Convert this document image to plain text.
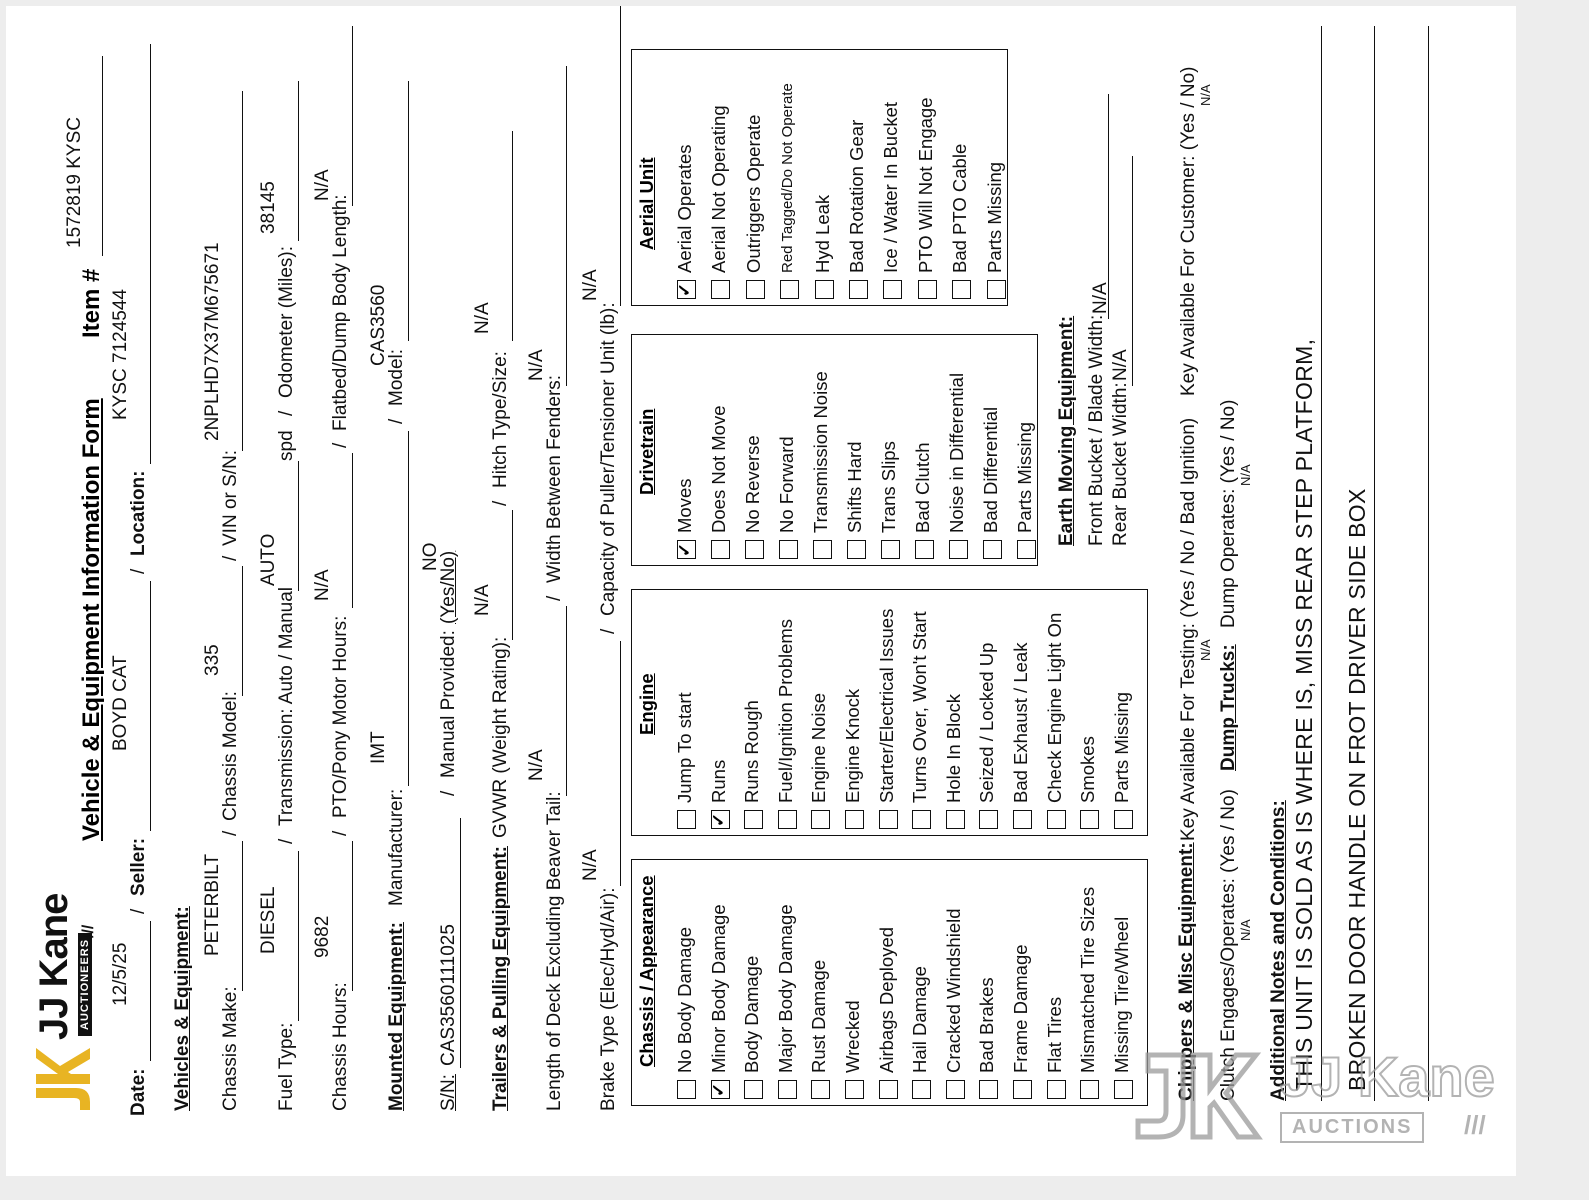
JJ Kane AUCTIONEERS
///
Vehicle & Equipment Information Form
Item #
1572819 KYSC
Date:
12/5/25
/
Seller:
BOYD CAT
/
Location:
KYSC 7124544
Vehicles & Equipment: Chassis Make:
PETERBILT
/
Chassis Model:
335
/
VIN or S/N:
2NPLHD7X37M675671
Fuel Type:
DIESEL
/
Transmission: Auto / Manual
AUTO
spd
/
Odometer (Miles):
38145
Chassis Hours:
9682
/
PTO/Pony Motor Hours:
N/A
/
Flatbed/Dump Body Length:
N/A
Mounted Equipment:
Manufacturer:
IMT
/
Model:
CAS3560
S/N:
CAS3560111025
/
Manual Provided:
(Yes/No)
NO
Trailers & Pulling Equipment:
GVWR (Weight Rating):
N/A
/
Hitch Type/Size:
N/A
Length of Deck Excluding Beaver Tail:
N/A
/
Width Between Fenders:
N/A
Brake Type (Elec/Hyd/Air):
N/A
/
Capacity of Puller/Tensioner Unit (lb):
N/A
Chassis / Appearance No Body Damage
✓
Minor Body Damage Body Damage Major Body Damage Rust Damage Wrecked Airbags Deployed Hail Damage Cracked Windshield Bad Brakes Frame Damage Flat Tires Mismatched Tire Sizes Missing Tire/Wheel Chippers & Misc Equipment:
Engine Jump To start
✓
Runs Runs Rough Fuel/Ignition Problems Engine Noise Engine Knock Starter/Electrical Issues Turns Over, Won't Start Hole In Block Seized / Locked Up Bad Exhaust / Leak Check Engine Light On Smokes Parts Missing
Drivetrain
✓
Moves Does Not Move No Reverse No Forward Transmission Noise Shifts Hard Trans Slips Bad Clutch Noise in Differential Bad Differential Parts Missing
Aerial Unit
✓
Aerial Operates Aerial Not Operating Outriggers Operate Red Tagged/Do Not Operate Hyd Leak Bad Rotation Gear Ice / Water In Bucket PTO Will Not Engage Bad PTO Cable Parts Missing
Earth Moving Equipment: Front Bucket / Blade Width:
N/A
Rear Bucket Width:
N/A
Key Available For Testing: (Yes / No / Bad Ignition) N/A
Key Available For Customer: (Yes / No) N/A
Clutch Engages/Operates: (Yes / No) N/A
Dump Trucks:
Dump Operates: (Yes / No) N/A
Additional Notes and Conditions: THIS UNIT IS SOLD AS IS WHERE IS, MISS REAR STEP PLATFORM, BROKEN DOOR HANDLE ON FROT DRIVER SIDE BOX
JJ Kane
AUCTIONS	///
